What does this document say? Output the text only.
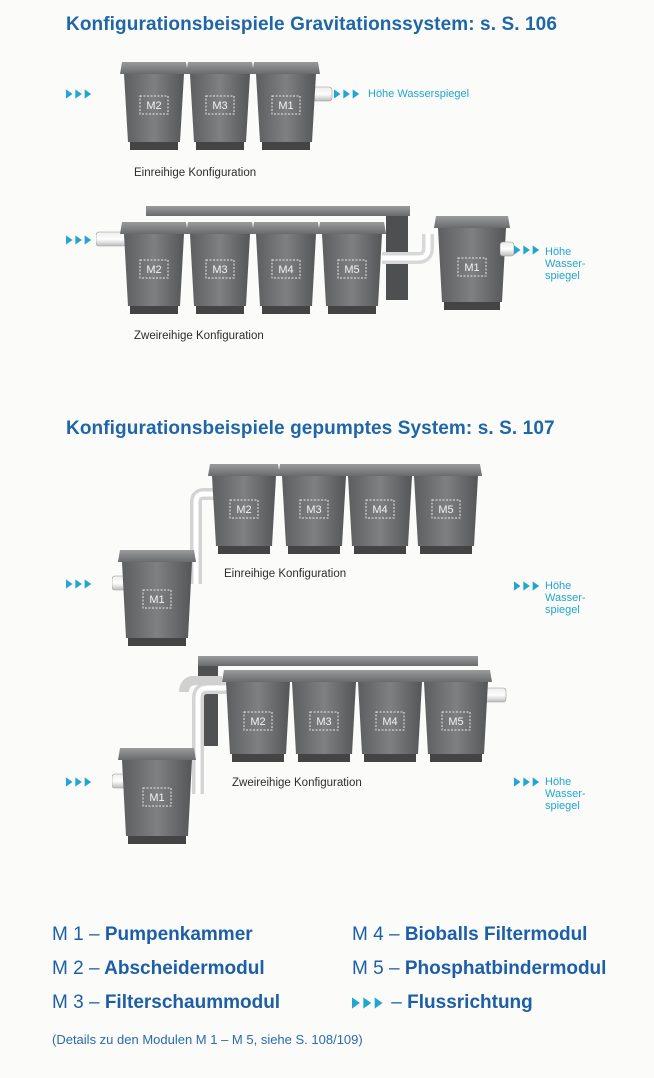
Konfigurationsbeispiele Gravitationssystem: s. S. 106
M2	M3	M1
Höhe Wasserspiegel
Einreihige Konfiguration
M2	M3	M4	M5	M1
Höhe
Wasser-
spiegel
Zweireihige Konfiguration
Konfigurationsbeispiele gepumptes System: s. S. 107
M2	M3	M4	M5
M1
Einreihige Konfiguration
Höhe
Wasser-
spiegel
M2	M3	M4	M5
M1
Zweireihige Konfiguration	Höhe
Wasser-
spiegel
M 1 – Pumpenkammer
M 2 – Abscheidermodul
M 3 – Filterschaummodul
M 4 – Bioballs Filtermodul
M 5 – Phosphatbindermodul
– Flussrichtung
(Details zu den Modulen M 1 – M 5, siehe S. 108/109)
